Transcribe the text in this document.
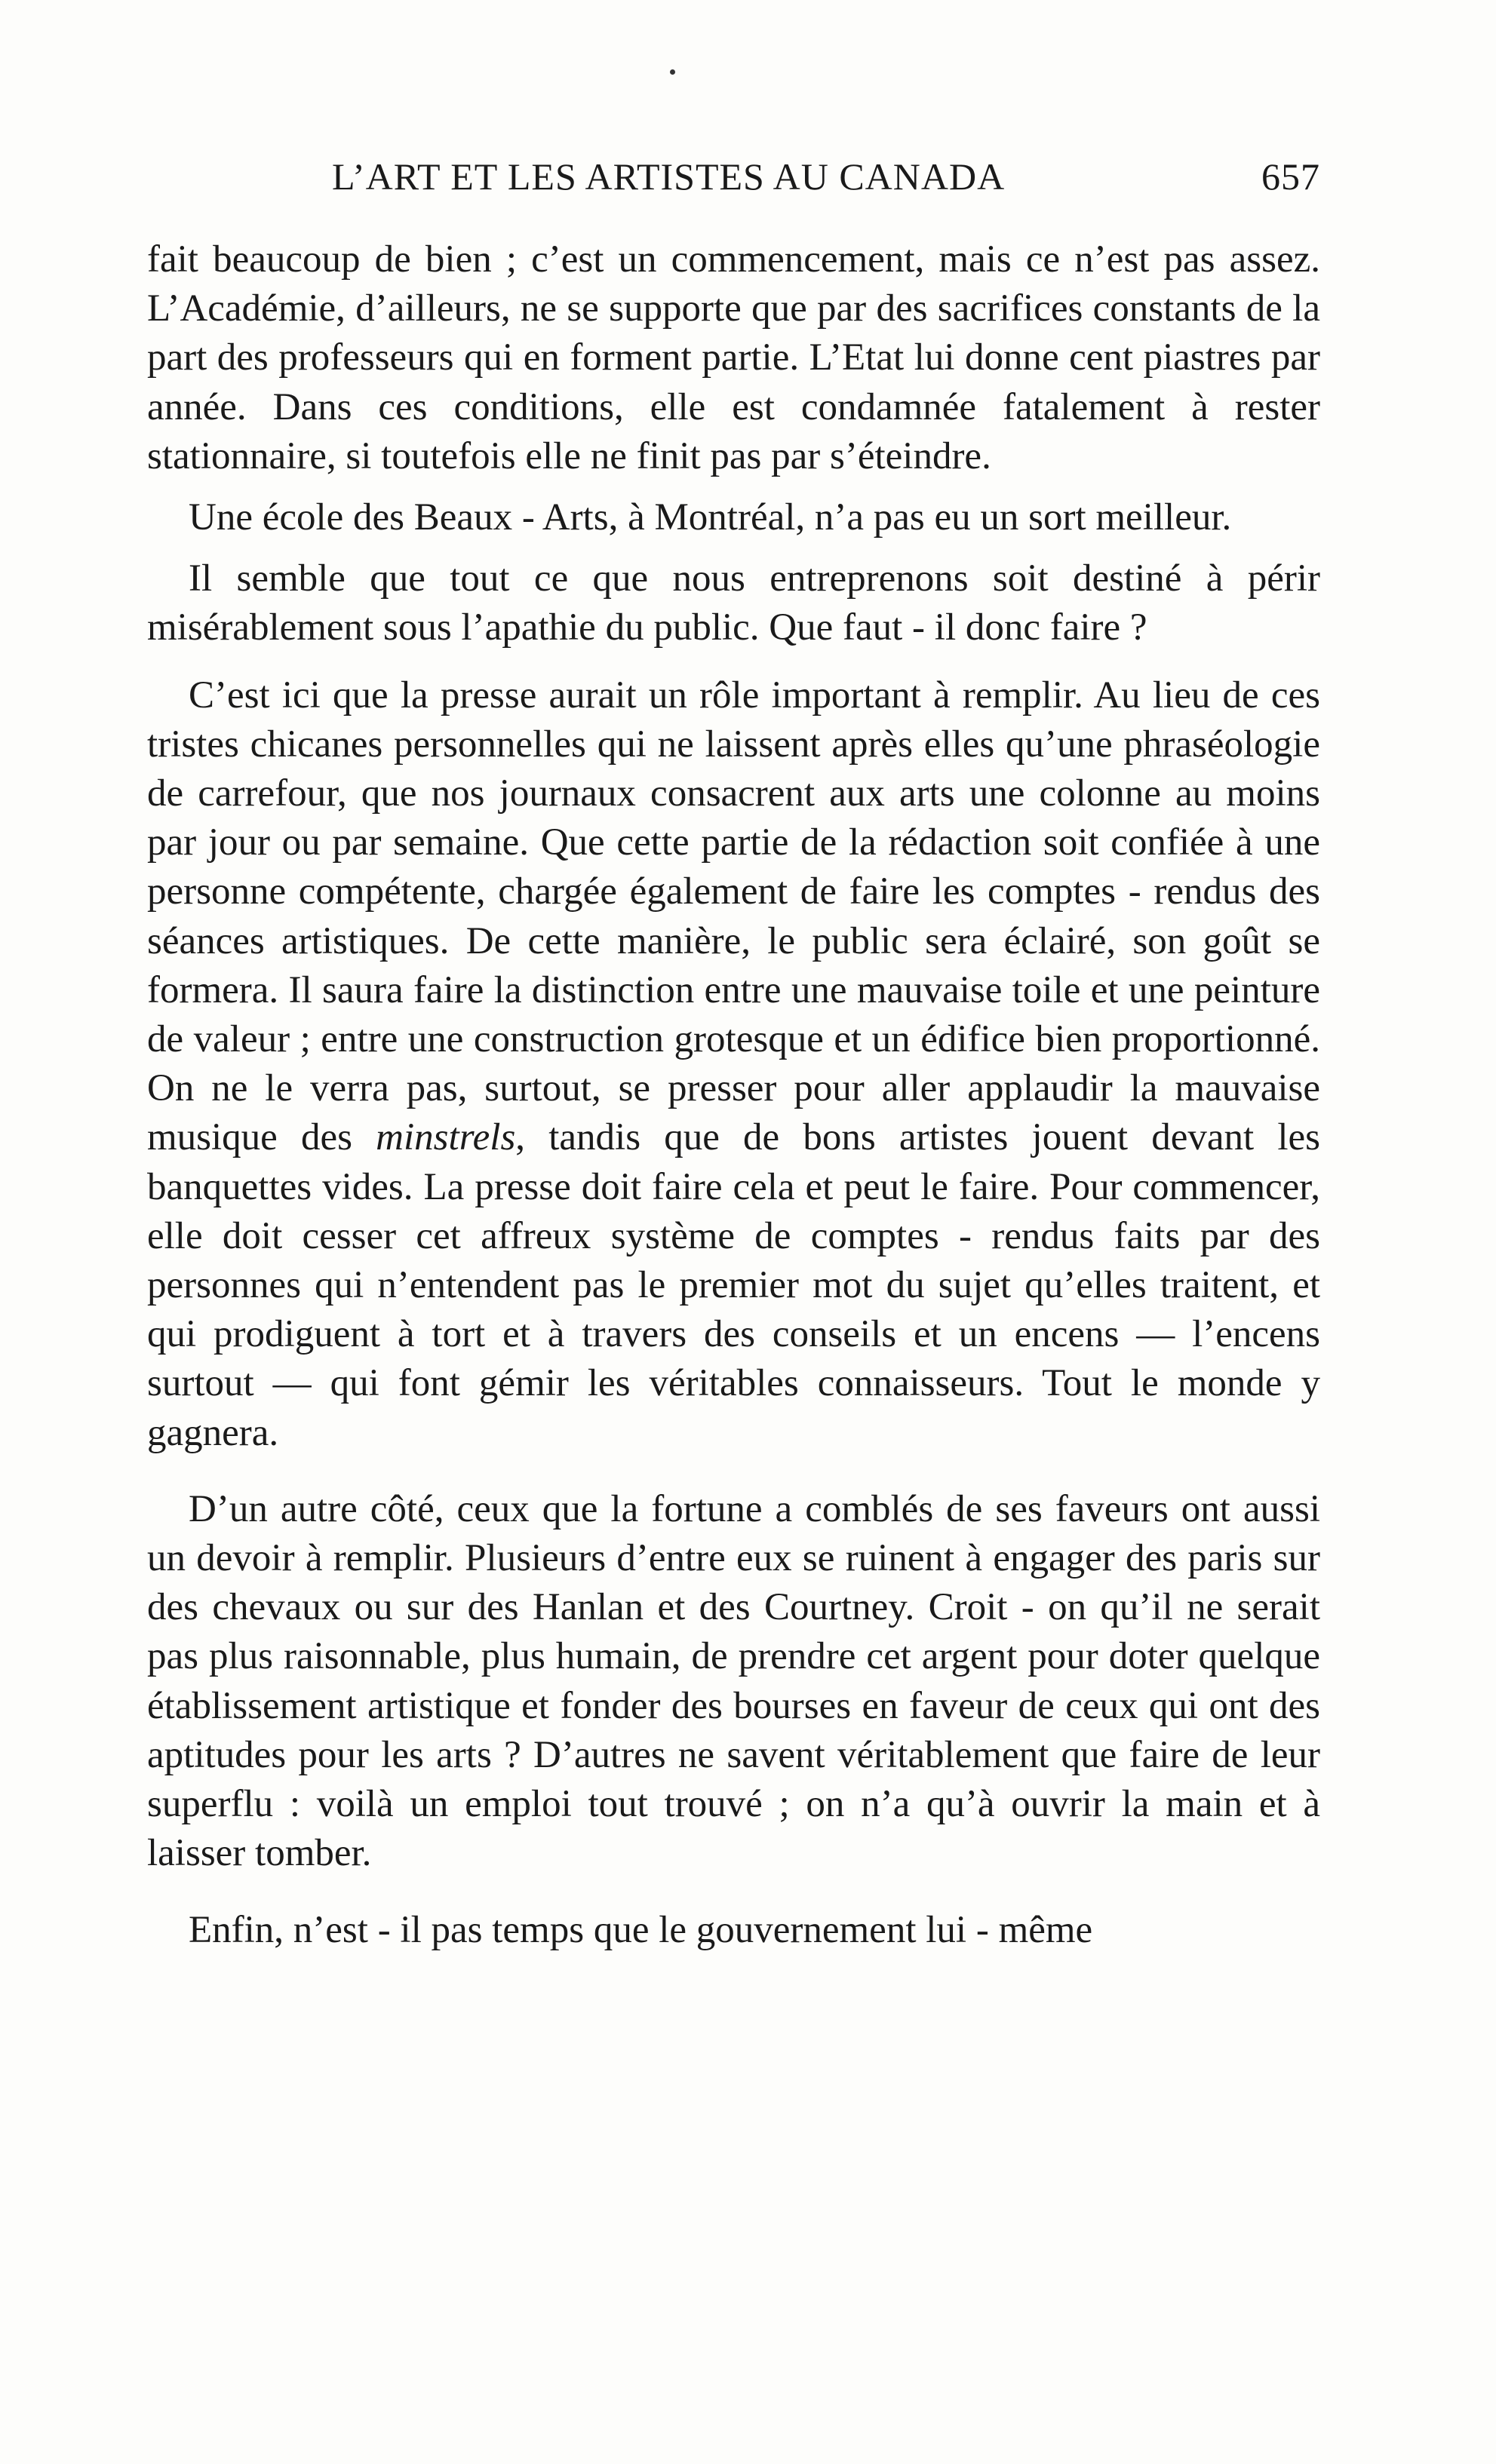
L’ART ET LES ARTISTES AU CANADA	657

fait beaucoup de bien ; c’est un commencement, mais ce n’est pas assez. L’Académie, d’ailleurs, ne se supporte que par des sacrifices constants de la part des professeurs qui en forment partie. L’Etat lui donne cent piastres par année. Dans ces conditions, elle est condamnée fatalement à rester stationnaire, si toutefois elle ne finit pas par s’éteindre.

Une école des Beaux - Arts, à Montréal, n’a pas eu un sort meilleur.

Il semble que tout ce que nous entreprenons soit destiné à périr misérablement sous l’apathie du public. Que faut - il donc faire ?

C’est ici que la presse aurait un rôle important à remplir. Au lieu de ces tristes chicanes personnelles qui ne laissent après elles qu’une phraséologie de carrefour, que nos journaux consacrent aux arts une colonne au moins par jour ou par semaine. Que cette partie de la rédaction soit confiée à une personne compétente, chargée également de faire les comptes - rendus des séances artistiques. De cette manière, le public sera éclairé, son goût se formera. Il saura faire la distinction entre une mauvaise toile et une peinture de valeur ; entre une construction grotesque et un édifice bien proportionné. On ne le verra pas, surtout, se presser pour aller applaudir la mauvaise musique des minstrels, tandis que de bons artistes jouent devant les banquettes vides. La presse doit faire cela et peut le faire. Pour commencer, elle doit cesser cet affreux système de comptes - rendus faits par des personnes qui n’entendent pas le premier mot du sujet qu’elles traitent, et qui prodiguent à tort et à travers des conseils et un encens — l’encens surtout — qui font gémir les véritables connaisseurs. Tout le monde y gagnera.

D’un autre côté, ceux que la fortune a comblés de ses faveurs ont aussi un devoir à remplir. Plusieurs d’entre eux se ruinent à engager des paris sur des chevaux ou sur des Hanlan et des Courtney. Croit - on qu’il ne serait pas plus raisonnable, plus humain, de prendre cet argent pour doter quelque établissement artistique et fonder des bourses en faveur de ceux qui ont des aptitudes pour les arts ? D’autres ne savent véritablement que faire de leur superflu : voilà un emploi tout trouvé ; on n’a qu’à ouvrir la main et à laisser tomber.

Enfin, n’est - il pas temps que le gouvernement lui - même
